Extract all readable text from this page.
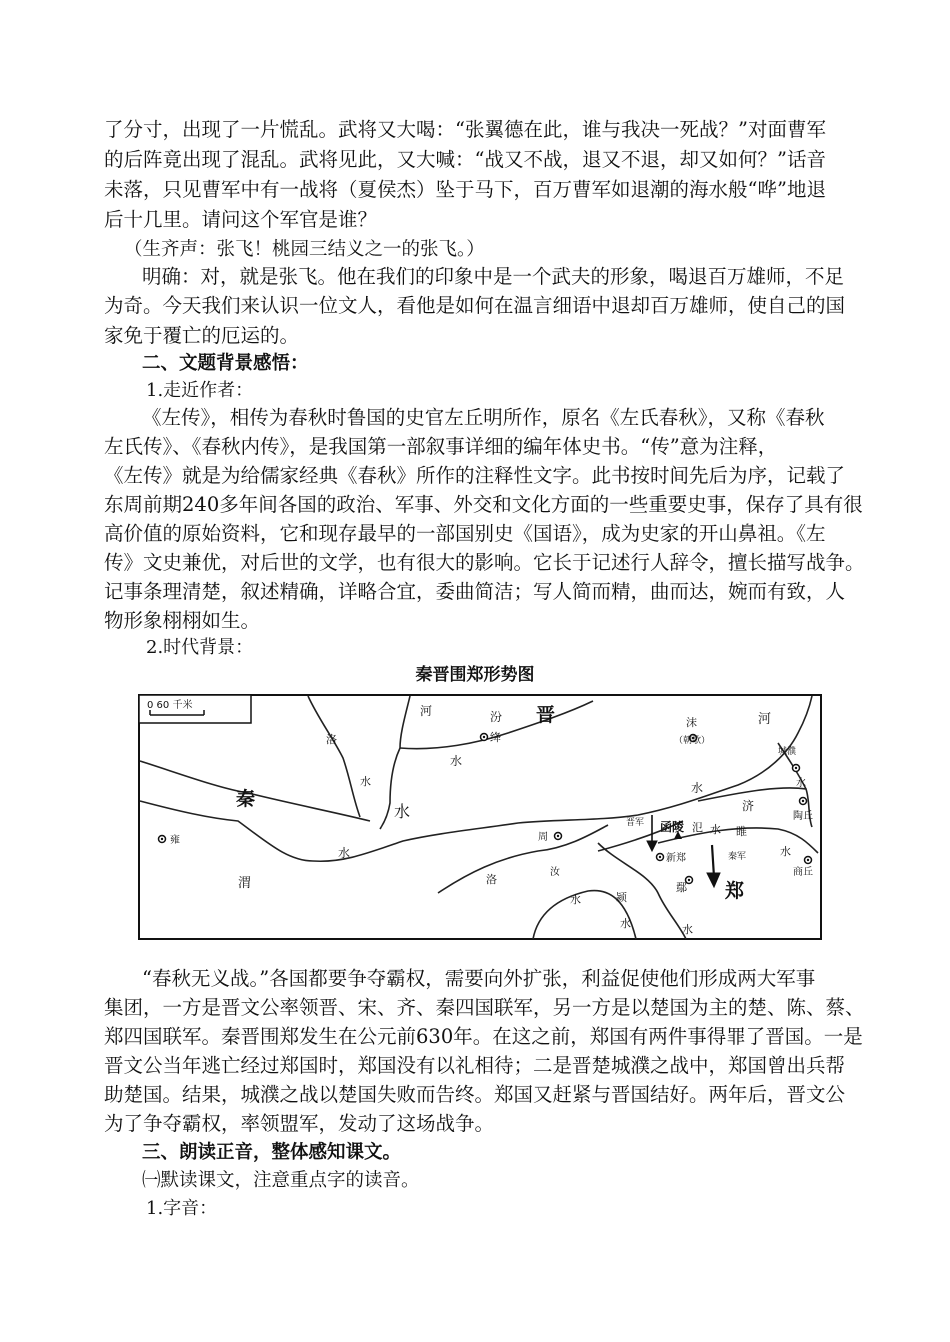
了分寸，出现了一片慌乱。武将又大喝：“张翼德在此，谁与我决一死战？”对面曹军

的后阵竟出现了混乱。武将见此，又大喊：“战又不战，退又不退，却又如何？”话音

未落，只见曹军中有一战将（夏侯杰）坠于马下，百万曹军如退潮的海水般“哗”地退

后十几里。请问这个军官是谁？

（生齐声：张飞！桃园三结义之一的张飞。）

明确：对，就是张飞。他在我们的印象中是一个武夫的形象，喝退百万雄师，不足

为奇。今天我们来认识一位文人，看他是如何在温言细语中退却百万雄师，使自己的国

家免于覆亡的厄运的。

二、文题背景感悟：

1.走近作者：

《左传》，相传为春秋时鲁国的史官左丘明所作，原名《左氏春秋》，又称《春秋

左氏传》、《春秋内传》，是我国第一部叙事详细的编年体史书。“传”意为注释，

《左传》就是为给儒家经典《春秋》所作的注释性文字。此书按时间先后为序，记载了

东周前期240多年间各国的政治、军事、外交和文化方面的一些重要史事，保存了具有很

高价值的原始资料，它和现存最早的一部国别史《国语》，成为史家的开山鼻祖。《左

传》文史兼优，对后世的文学，也有很大的影响。它长于记述行人辞令，擅长描写战争。

记事条理清楚，叙述精确，详略合宜，委曲简洁；写人简而精，曲而达，婉而有致，人

物形象栩栩如生。

2.时代背景：

秦晋围郑形势图
0 60 千米	河	汾 晋
洛
水
水
绛
沫
（朝歌）
河
城濮
水
水
济
陶丘
秦
雍
水
水
渭
周
汝
洛
晋军 函陵 氾 水 睢
水
新郑	秦军
商丘
郑
颍
鄢
水
水	水

“春秋无义战。”各国都要争夺霸权，需要向外扩张，利益促使他们形成两大军事

集团，一方是晋文公率领晋、宋、齐、秦四国联军，另一方是以楚国为主的楚、陈、蔡、

郑四国联军。秦晋围郑发生在公元前630年。在这之前，郑国有两件事得罪了晋国。一是

晋文公当年逃亡经过郑国时，郑国没有以礼相待；二是晋楚城濮之战中，郑国曾出兵帮

助楚国。结果，城濮之战以楚国失败而告终。郑国又赶紧与晋国结好。两年后，晋文公

为了争夺霸权，率领盟军，发动了这场战争。

三、朗读正音，整体感知课文。

㈠默读课文，注意重点字的读音。

1.字音：
